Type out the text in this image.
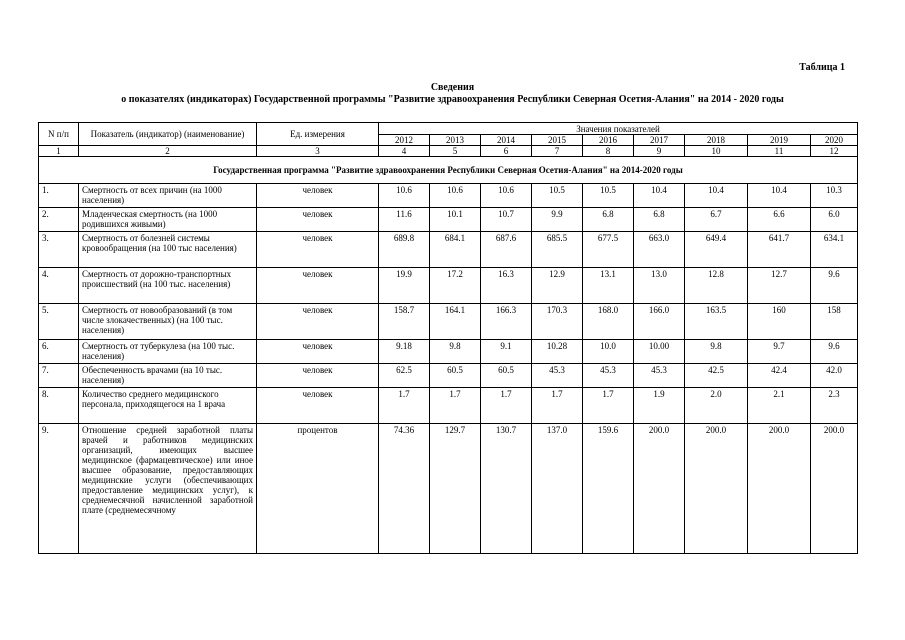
Таблица 1
Сведения
о показателях (индикаторах) Государственной программы "Развитие здравоохранения Республики Северная Осетия-Алания" на 2014 - 2020 годы
N п/п	Показатель (индикатор) (наименование)	Ед. измерения	Значения показателей								
			2012	2013	2014	2015	2016	2017	2018	2019	2020
1	2	3	4	5	6	7	8	9	10	11	12
Государственная программа "Развитие здравоохранения Республики Северная Осетия-Алания" на 2014-2020 годы											
1.	Смертность от всех причин (на 1000 населения)	человек	10.6	10.6	10.6	10.5	10.5	10.4	10.4	10.4	10.3
2.	Младенческая смертность (на 1000 родившихся живыми)	человек	11.6	10.1	10.7	9.9	6.8	6.8	6.7	6.6	6.0
3.	Смертность от болезней системы кровообращения (на 100 тыс населения)	человек	689.8	684.1	687.6	685.5	677.5	663.0	649.4	641.7	634.1
4.	Смертность от дорожно-транспортных происшествий (на 100 тыс. населения)	человек	19.9	17.2	16.3	12.9	13.1	13.0	12.8	12.7	9.6
5.	Смертность от новообразований (в том числе злокачественных) (на 100 тыс. населения)	человек	158.7	164.1	166.3	170.3	168.0	166.0	163.5	160	158
6.	Смертность от туберкулеза (на 100 тыс. населения)	человек	9.18	9.8	9.1	10.28	10.0	10.00	9.8	9.7	9.6
7.	Обеспеченность врачами (на 10 тыс. населения)	человек	62.5	60.5	60.5	45.3	45.3	45.3	42.5	42.4	42.0
8.	Количество среднего медицинского персонала, приходящегося на 1 врача	человек	1.7	1.7	1.7	1.7	1.7	1.9	2.0	2.1	2.3
9.	Отношение средней заработной платы врачей и работников медицинских организаций, имеющих высшее медицинское (фармацевтическое) или иное высшее образование, предоставляющих медицинские услуги (обеспечивающих предоставление медицинских услуг), к среднемесячной начисленной заработной плате (среднемесячному	процентов	74.36	129.7	130.7	137.0	159.6	200.0	200.0	200.0	200.0
